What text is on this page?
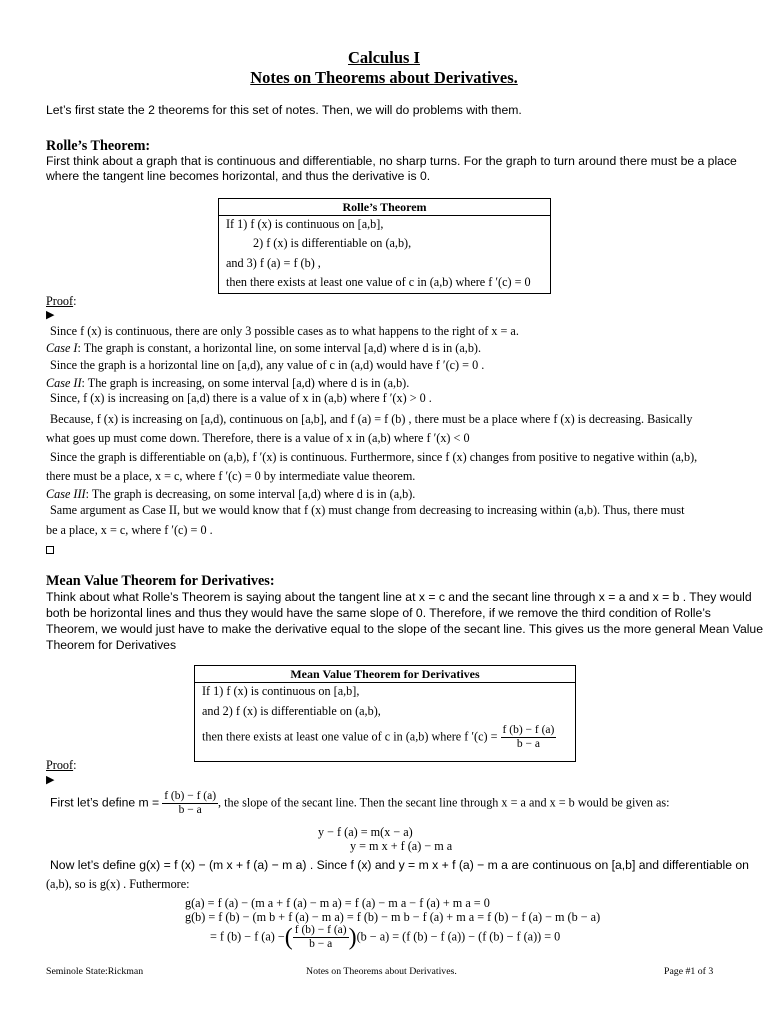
Calculus I
Notes on Theorems about Derivatives.
Let’s first state the 2 theorems for this set of notes. Then, we will do problems with them.
Rolle’s Theorem:
First think about a graph that is continuous and differentiable, no sharp turns. For the graph to turn around there must be a place
where the tangent line becomes horizontal, and thus the derivative is 0.
Rolle’s Theorem
If 1) f (x) is continuous on [a,b],
2) f (x) is differentiable on (a,b),
and 3) f (a) = f (b) ,
then there exists at least one value of c in (a,b) where f ′(c) = 0
Proof:
▶
Since f (x) is continuous, there are only 3 possible cases as to what happens to the right of x = a.
Case I: The graph is constant, a horizontal line, on some interval [a,d) where d is in (a,b).
Since the graph is a horizontal line on [a,d), any value of c in (a,d) would have f ′(c) = 0 .
Case II: The graph is increasing, on some interval [a,d) where d is in (a,b).
Since, f (x) is increasing on [a,d) there is a value of x in (a,b) where f ′(x) > 0 .
Because, f (x) is increasing on [a,d), continuous on [a,b], and f (a) = f (b) , there must be a place where f (x) is decreasing. Basically
what goes up must come down. Therefore, there is a value of x in (a,b) where f ′(x) < 0
Since the graph is differentiable on (a,b), f ′(x) is continuous. Furthermore, since f (x) changes from positive to negative within (a,b),
there must be a place, x = c, where f ′(c) = 0 by intermediate value theorem.
Case III: The graph is decreasing, on some interval [a,d) where d is in (a,b).
Same argument as Case II, but we would know that f (x) must change from decreasing to increasing within (a,b). Thus, there must
be a place, x = c, where f ′(c) = 0 .
Mean Value Theorem for Derivatives:
Think about what Rolle’s Theorem is saying about the tangent line at x = c and the secant line through x = a and x = b . They would
both be horizontal lines and thus they would have the same slope of 0. Therefore, if we remove the third condition of Rolle’s
Theorem, we would just have to make the derivative equal to the slope of the secant line. This gives us the more general Mean Value
Theorem for Derivatives
Mean Value Theorem for Derivatives
If 1) f (x) is continuous on [a,b],
and 2) f (x) is differentiable on (a,b),
then there exists at least one value of c in (a,b) where f $'(c) = \frac{f (b) - f (a)}{b - a}$
Proof:
▶
First let’s define $m = \frac{f (b) - f (a)}{b - a}$ , the slope of the secant line. Then the secant line through x = a and x = b would be given as:
y − f (a) = m(x − a)
y = m x + f (a) − m a
Now let’s define g(x) = f (x) − (m x + f (a) − m a) . Since f (x) and y = m x + f (a) − m a are continuous on [a,b] and differentiable on
(a,b), so is g(x) . Futhermore:
g(a) = f (a) − (m a + f (a) − m a) = f (a) − m a − f (a) + m a = 0
g(b) = f (b) − (m b + f (a) − m a) = f (b) − m b − f (a) + m a = f (b) − f (a) − m (b − a)
= f (b) − f (a) −( $\frac{f (b) - f (a)}{b - a} )(b - a) = (f$ (b) − f (a)) − (f (b) − f (a)) = 0
Seminole State:Rickman	Notes on Theorems about Derivatives.	Page #1 of 3
